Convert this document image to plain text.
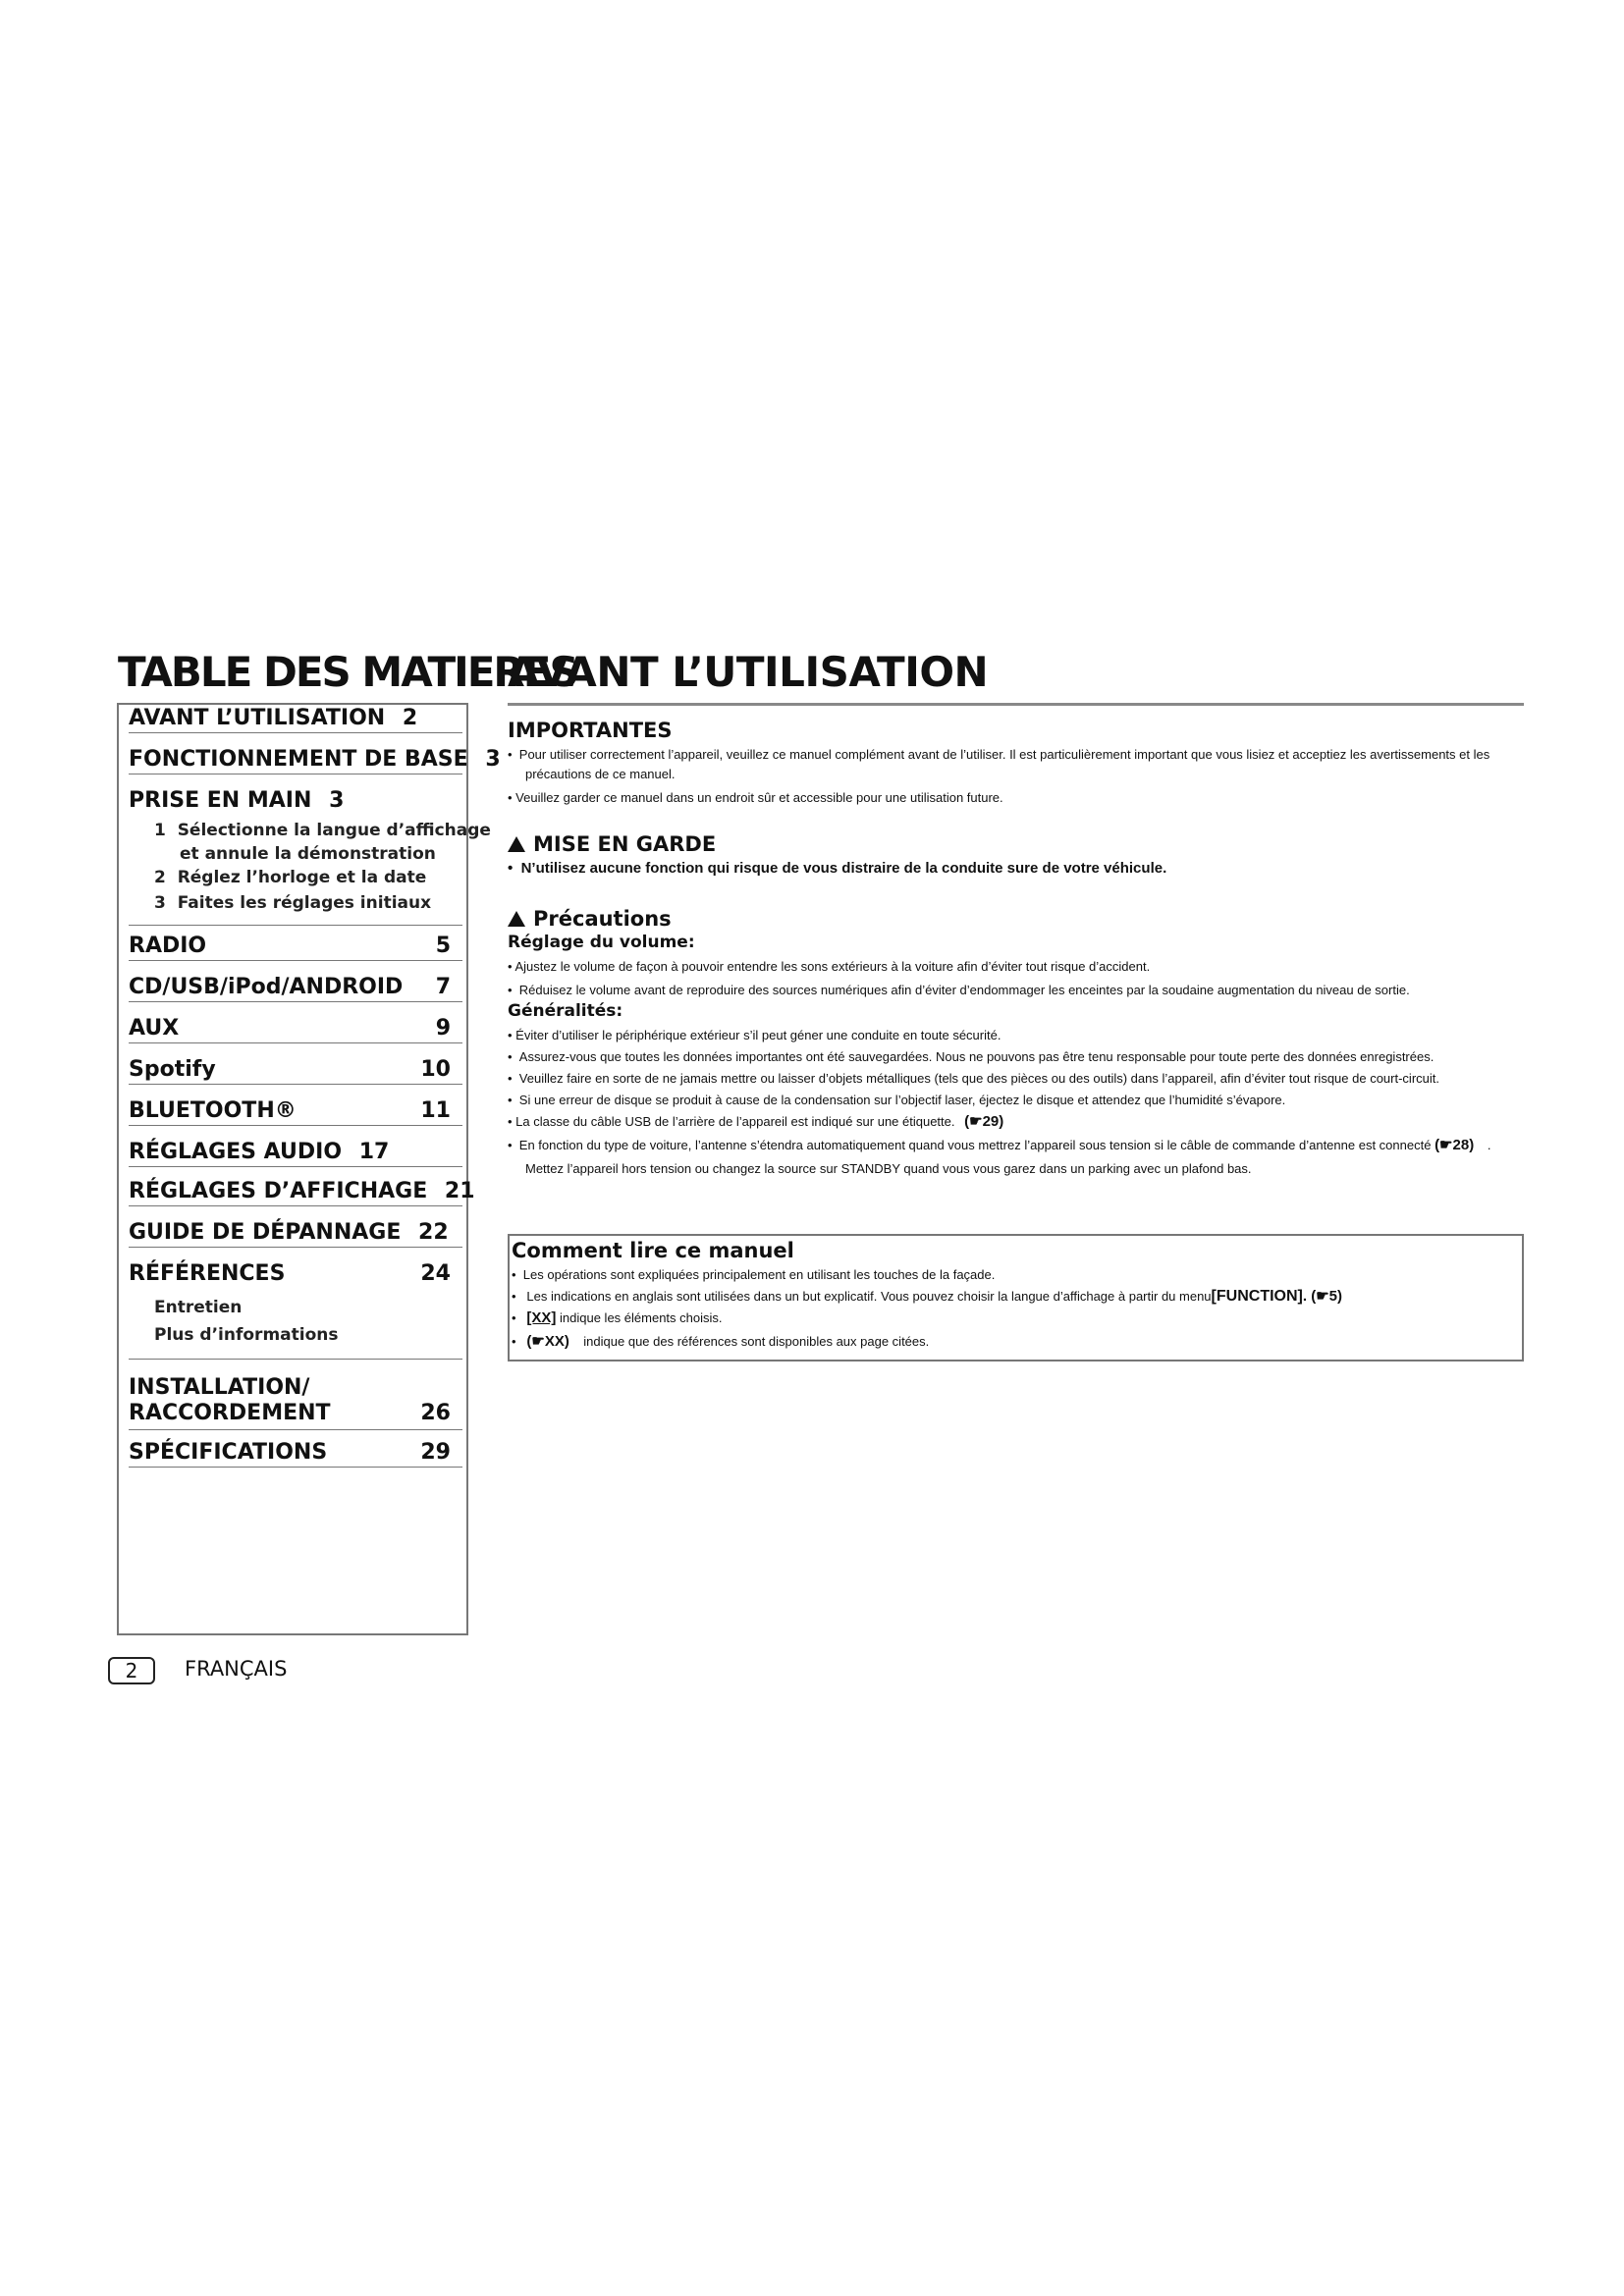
TABLE DES MATIERES
AVANT L’UTILISATION
AVANT L’UTILISATION 2
FONCTIONNEMENT DE BASE 3
PRISE EN MAIN 3
1 Sélectionne la langue d’affichage
et annule la démonstration
2 Réglez l’horloge et la date
3 Faites les réglages initiaux
RADIO	5
CD/USB/iPod/ANDROID 7
AUX	9
Spotify	10
BLUETOOTH®	11
RÉGLAGES AUDIO 17
RÉGLAGES D’AFFICHAGE 21
GUIDE DE DÉPANNAGE 22
RÉFÉRENCES	24
Entretien
Plus d’informations
INSTALLATION/
RACCORDEMENT	26
SPÉCIFICATIONS	29
IMPORTANTES
•  Pour utiliser correctement l’appareil, veuillez ce manuel complément avant de l’utiliser. Il est particulièrement important que vous lisiez et acceptiez les avertissements et les
précautions de ce manuel.
• Veuillez garder ce manuel dans un endroit sûr et accessible pour une utilisation future.
MISE EN GARDE
•  N’utilisez aucune fonction qui risque de vous distraire de la conduite sure de votre véhicule.
Précautions
Réglage du volume:
• Ajustez le volume de façon à pouvoir entendre les sons extérieurs à la voiture afin d’éviter tout risque d’accident.
•  Réduisez le volume avant de reproduire des sources numériques afin d’éviter d’endommager les enceintes par la soudaine augmentation du niveau de sortie.
Généralités:
• Éviter d’utiliser le périphérique extérieur s’il peut géner une conduite en toute sécurité.
•  Assurez-vous que toutes les données importantes ont été sauvegardées. Nous ne pouvons pas être tenu responsable pour toute perte des données enregistrées.
•  Veuillez faire en sorte de ne jamais mettre ou laisser d’objets métalliques (tels que des pièces ou des outils) dans l’appareil, afin d’éviter tout risque de court-circuit.
•  Si une erreur de disque se produit à cause de la condensation sur l’objectif laser, éjectez le disque et attendez que l’humidité s’évapore.
• La classe du câble USB de l’arrière de l’appareil est indiqué sur une étiquette. (☛29)
•  En fonction du type de voiture, l’antenne s’étendra automatiquement quand vous mettrez l’appareil sous tension si le câble de commande d’antenne est connecté (☛28) .
Mettez l’appareil hors tension ou changez la source sur STANDBY quand vous vous garez dans un parking avec un plafond bas.
Comment lire ce manuel
•  Les opérations sont expliquées principalement en utilisant les touches de la façade.
•   Les indications en anglais sont utilisées dans un but explicatif. Vous pouvez choisir la langue d’affichage à partir du menu[FUNCTION]. (☛5)
•   [XX] indique les éléments choisis.
•   (☛XX) indique que des références sont disponibles aux page citées.
2	FRANÇAIS
